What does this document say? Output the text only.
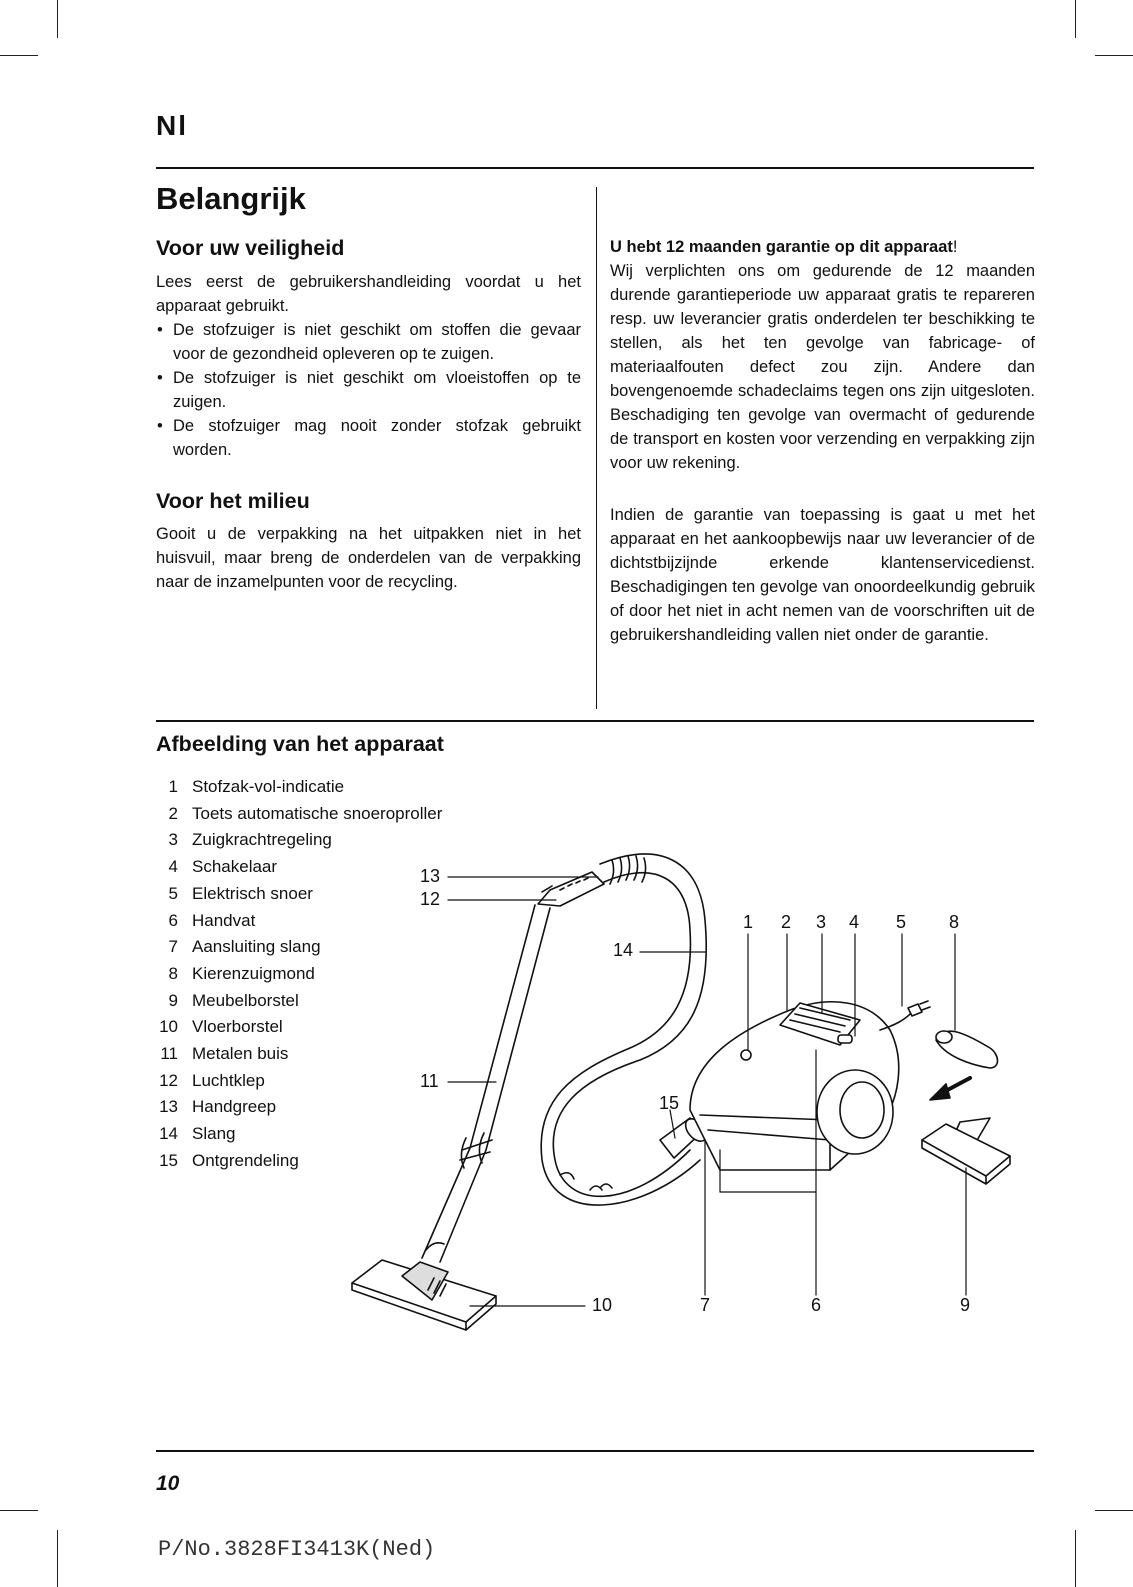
Nl
Belangrijk
Voor uw veiligheid
Lees eerst de gebruikershandleiding voordat u het apparaat gebruikt.
• De stofzuiger is niet geschikt om stoffen die gevaar voor de gezondheid opleveren op te zuigen.
• De stofzuiger is niet geschikt om vloeistoffen op te zuigen.
• De stofzuiger mag nooit zonder stofzak gebruikt worden.
Voor het milieu
Gooit u de verpakking na het uitpakken niet in het huisvuil, maar breng de onderdelen van de verpakking naar de inzamelpunten voor de recycling.
U hebt 12 maanden garantie op dit apparaat!
Wij verplichten ons om gedurende de 12 maanden durende garantieperiode uw apparaat gratis te repareren resp. uw leverancier gratis onderdelen ter beschikking te stellen, als het ten gevolge van fabricage- of materiaalfouten defect zou zijn. Andere dan bovengenoemde schadeclaims tegen ons zijn uitgesloten. Beschadiging ten gevolge van overmacht of gedurende de transport en kosten voor verzending en verpakking zijn voor uw rekening.
Indien de garantie van toepassing is gaat u met het apparaat en het aankoopbewijs naar uw leverancier of de dichtstbijzijnde erkende klantenservicedienst. Beschadigingen ten gevolge van onoordeelkundig gebruik of door het niet in acht nemen van de voorschriften uit de gebruikershandleiding vallen niet onder de garantie.
Afbeelding van het apparaat
1 Stofzak-vol-indicatie
2 Toets automatische snoeroproller
3 Zuigkrachtregeling
4 Schakelaar
5 Elektrisch snoer
6 Handvat
7 Aansluiting slang
8 Kierenzuigmond
9 Meubelborstel
10 Vloerborstel
11 Metalen buis
12 Luchtklep
13 Handgreep
14 Slang
15 Ontgrendeling
13
12
14
11
1 2 3 4 5 8
15
10	7	6	9
10
P/No.3828FI3413K(Ned)
